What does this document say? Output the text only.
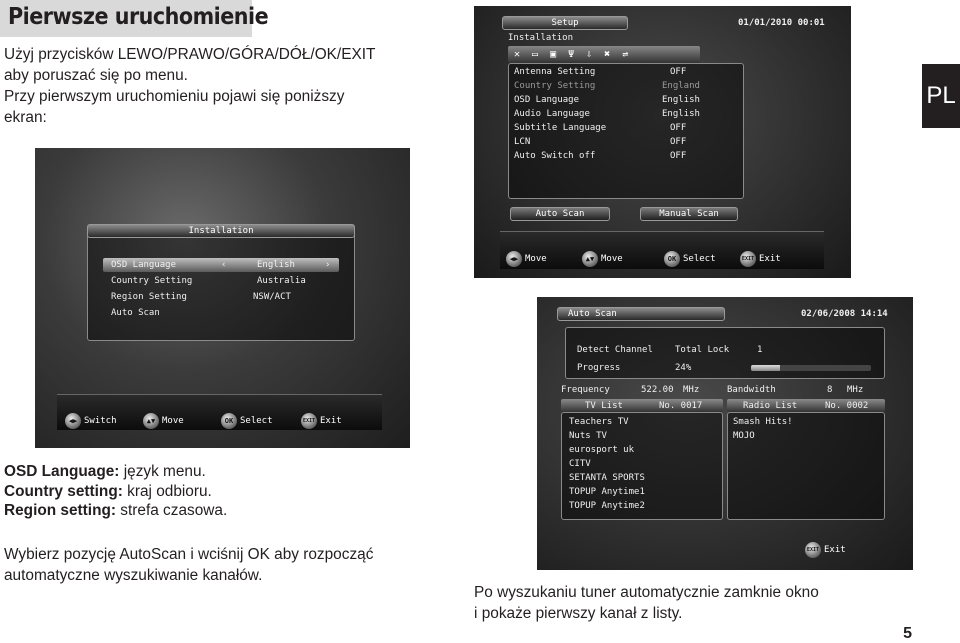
Pierwsze uruchomienie

Użyj przycisków LEWO/PRAWO/GÓRA/DÓŁ/OK/EXIT

aby poruszać się po menu.

Przy pierwszym uruchomieniu pojawi się poniższy

ekran:

PL
Installation
OSD Language	‹	English	›
Country Setting	Australia
Region Setting	NSW/ACT
Auto Scan
◀▶ Switch	▲▼ Move	OK Select	EXIT Exit
Setup	01/01/2010 00:01
Installation
✕ ▭ ▣ Ψ ⇩ ✖ ⇌
Antenna Setting	OFF
Country Setting	England
OSD Language	English
Audio Language	English
Subtitle Language	OFF
LCN	OFF
Auto Switch off	OFF
Auto Scan	Manual Scan
◀▶ Move	▲▼ Move	OK Select	EXIT Exit
Auto Scan	02/06/2008 14:14
Detect Channel Total Lock	1
Progress	24%
Frequency	522.00 MHz	Bandwidth	8 MHz
TV List	No. 0017	Radio List	No. 0002
Teachers TV
Nuts TV
eurosport uk
CITV
SETANTA SPORTS
TOPUP Anytime1
TOPUP Anytime2
Smash Hits!
MOJO
EXIT Exit
OSD Language: język menu.
Country setting: kraj odbioru.
Region setting: strefa czasowa.
Wybierz pozycję AutoScan i wciśnij OK aby rozpocząć
automatyczne wyszukiwanie kanałów.
Po wyszukaniu tuner automatycznie zamknie okno
i pokaże pierwszy kanał z listy.
5
